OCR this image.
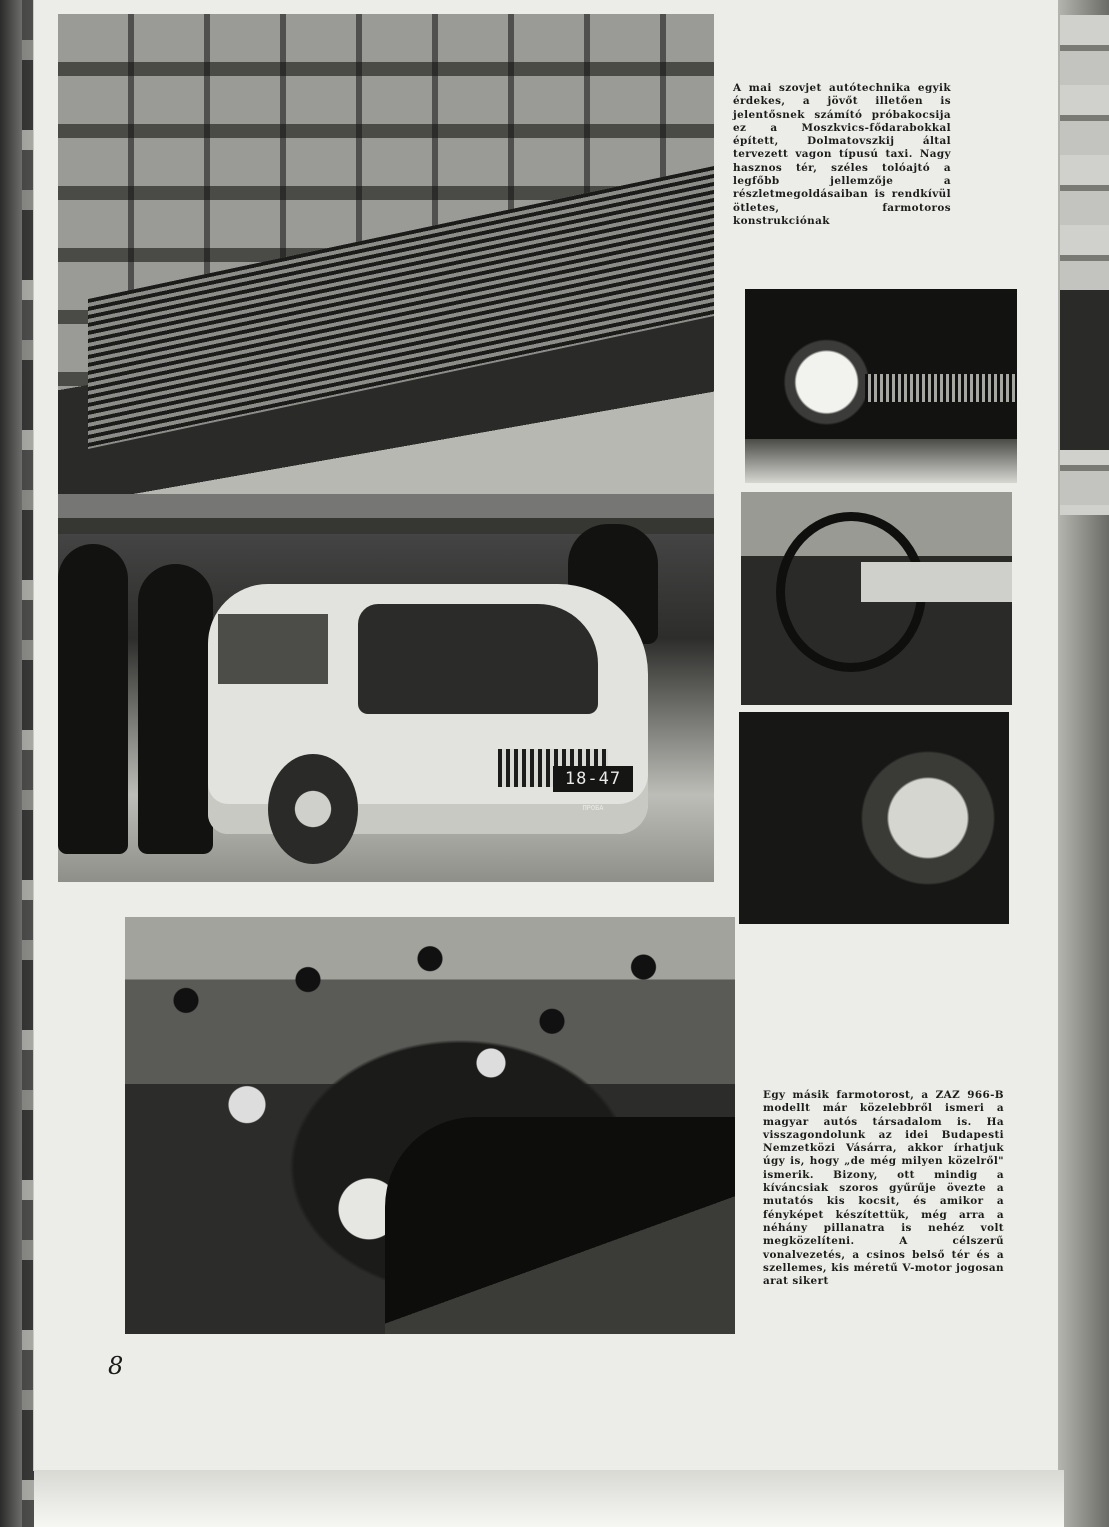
18-47 ПРОБА

A mai szovjet autótechnika egyik érdekes, a jövőt illetően is jelentősnek számító próbakocsija ez a Moszkvics-fődarabokkal épített, Dolmatovszkij által tervezett vagon típusú taxi. Nagy hasznos tér, széles tolóajtó a legfőbb jellemzője a részletmegoldásaiban is rendkívül ötletes, farmotoros konstrukciónak

Egy másik farmotorost, a ZAZ 966-B modellt már közelebbről ismeri a magyar autós társadalom is. Ha visszagondolunk az idei Budapesti Nemzetközi Vásárra, akkor írhatjuk úgy is, hogy „de még milyen közelről" ismerik. Bizony, ott mindig a kíváncsiak szoros gyűrűje övezte a mutatós kis kocsit, és amikor a fényképet készítettük, még arra a néhány pillanatra is nehéz volt megközelíteni. A célszerű vonalvezetés, a csinos belső tér és a szellemes, kis méretű V-motor jogosan arat sikert

8
